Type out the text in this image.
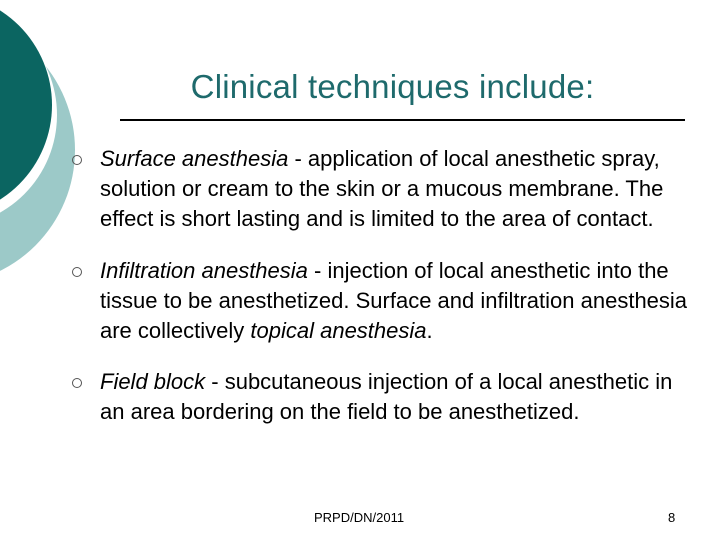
Clinical techniques include:
Surface anesthesia - application of local anesthetic spray, solution or cream to the skin or a mucous membrane. The effect is short lasting and is limited to the area of contact.
Infiltration anesthesia - injection of local anesthetic into the tissue to be anesthetized. Surface and infiltration anesthesia are collectively topical anesthesia.
Field block - subcutaneous injection of a local anesthetic in an area bordering on the field to be anesthetized.
PRPD/DN/2011	8
